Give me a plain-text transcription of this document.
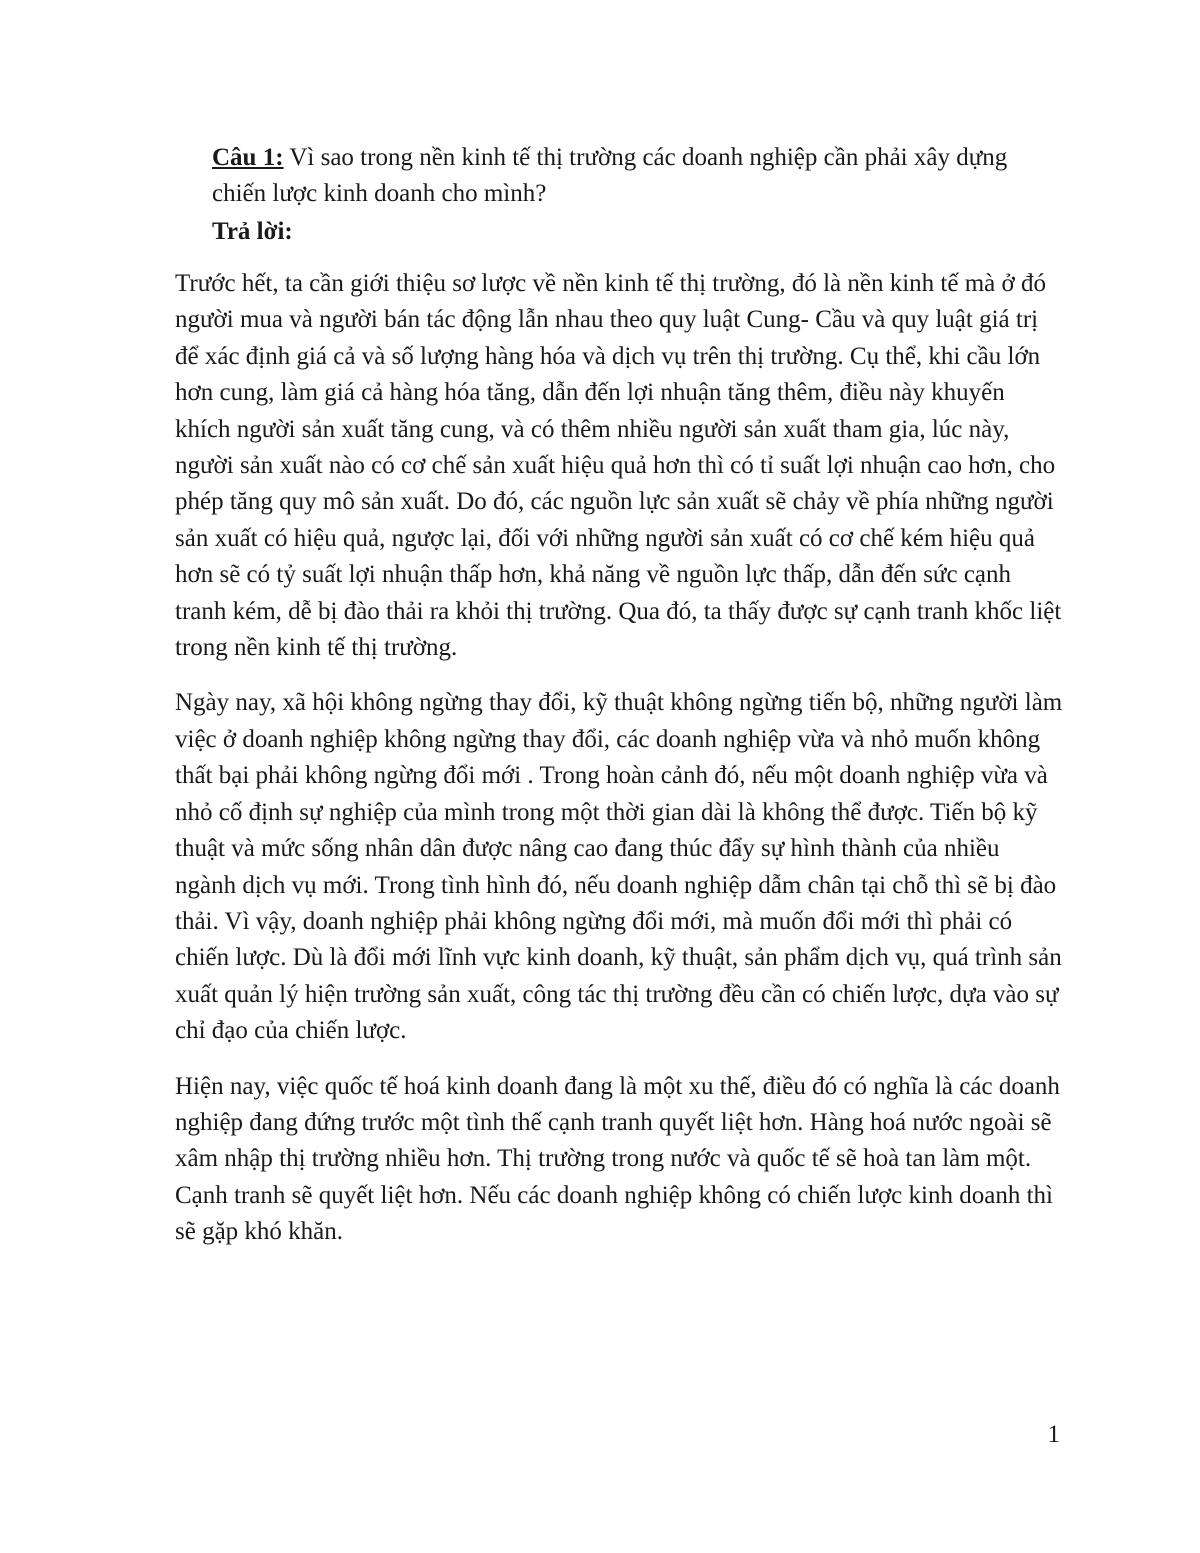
Câu 1: Vì sao trong nền kinh tế thị trường các doanh nghiệp cần phải xây dựng chiến lược kinh doanh cho mình?

Trả lời:

Trước hết, ta cần giới thiệu sơ lược về nền kinh tế thị trường, đó là nền kinh tế mà ở đó người mua và người bán tác động lẫn nhau theo quy luật Cung- Cầu và quy luật giá trị để xác định giá cả và số lượng hàng hóa và dịch vụ trên thị trường. Cụ thể, khi cầu lớn hơn cung, làm giá cả hàng hóa tăng, dẫn đến lợi nhuận tăng thêm, điều này khuyến khích người sản xuất tăng cung, và có thêm nhiều người sản xuất tham gia, lúc này, người sản xuất nào có cơ chế sản xuất hiệu quả hơn thì có tỉ suất lợi nhuận cao hơn, cho phép tăng quy mô sản xuất. Do đó, các nguồn lực sản xuất sẽ chảy về phía những người sản xuất có hiệu quả, ngược lại, đối với những người sản xuất có cơ chế kém hiệu quả hơn sẽ có tỷ suất lợi nhuận thấp hơn, khả năng về nguồn lực thấp, dẫn đến sức cạnh tranh kém, dễ bị đào thải ra khỏi thị trường. Qua đó, ta thấy được sự cạnh tranh khốc liệt trong nền kinh tế thị trường.

Ngày nay, xã hội không ngừng thay đổi, kỹ thuật không ngừng tiến bộ, những người làm việc ở doanh nghiệp không ngừng thay đổi, các doanh nghiệp vừa và nhỏ muốn không thất bại phải không ngừng đổi mới . Trong hoàn cảnh đó, nếu một doanh nghiệp vừa và nhỏ cố định sự nghiệp của mình trong một thời gian dài là không thể được. Tiến bộ kỹ thuật và mức sống nhân dân được nâng cao đang thúc đẩy sự hình thành của nhiều ngành dịch vụ mới. Trong tình hình đó, nếu doanh nghiệp dẫm chân tại chỗ thì sẽ bị đào thải. Vì vậy, doanh nghiệp phải không ngừng đổi mới, mà muốn đổi mới thì phải có chiến lược. Dù là đổi mới lĩnh vực kinh doanh, kỹ thuật, sản phẩm dịch vụ, quá trình sản xuất quản lý hiện trường sản xuất, công tác thị trường đều cần có chiến lược, dựa vào sự chỉ đạo của chiến lược.

Hiện nay, việc quốc tế hoá kinh doanh đang là một xu thế, điều đó có nghĩa là các doanh nghiệp đang đứng trước một tình thế cạnh tranh quyết liệt hơn. Hàng hoá nước ngoài sẽ xâm nhập thị trường nhiều hơn. Thị trường trong nước và quốc tế sẽ hoà tan làm một. Cạnh tranh sẽ quyết liệt hơn. Nếu các doanh nghiệp không có chiến lược kinh doanh thì sẽ gặp khó khăn.

1
